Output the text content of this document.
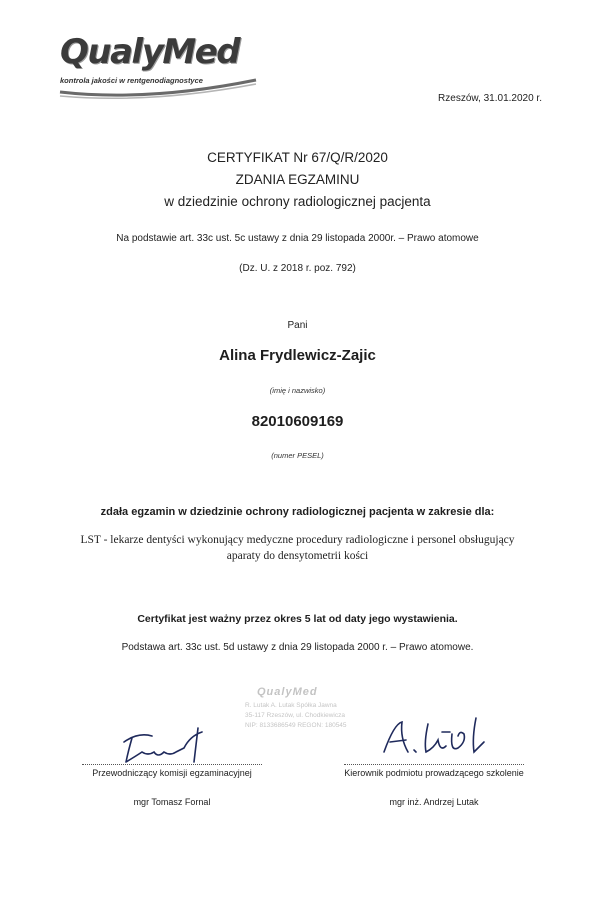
QualyMed
kontrola jakości w rentgenodiagnostyce
Rzeszów, 31.01.2020 r.
CERTYFIKAT Nr 67/Q/R/2020
ZDANIA EGZAMINU
w dziedzinie ochrony radiologicznej pacjenta
Na podstawie art. 33c ust. 5c ustawy z dnia 29 listopada 2000r. – Prawo atomowe
(Dz. U. z 2018 r. poz. 792)
Pani
Alina Frydlewicz-Zajic
(imię i nazwisko)
82010609169
(numer PESEL)
zdała egzamin w dziedzinie ochrony radiologicznej pacjenta w zakresie dla:
LST - lekarze dentyści wykonujący medyczne procedury radiologiczne i personel obsługujący
aparaty do densytometrii kości
Certyfikat jest ważny przez okres 5 lat od daty jego wystawienia.
Podstawa art. 33c ust. 5d ustawy z dnia 29 listopada 2000 r. – Prawo atomowe.
QualyMed
R. Lutak A. Lutak Spółka Jawna
35-117 Rzeszów, ul. Chodkiewicza
NIP: 8133686549 REGON: 180545
Przewodniczący komisji egzaminacyjnej
mgr Tomasz Fornal
Kierownik podmiotu prowadzącego szkolenie
mgr inż. Andrzej Lutak
